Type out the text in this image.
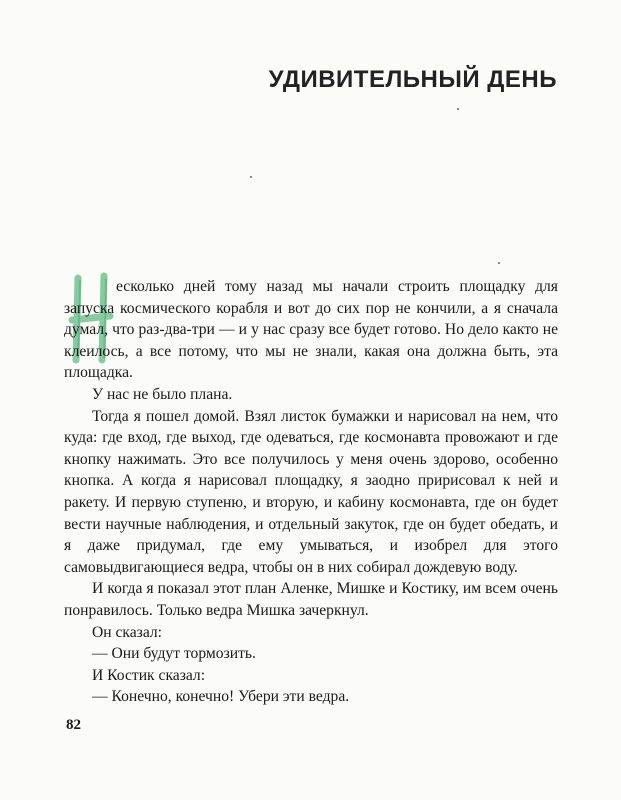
УДИВИТЕЛЬНЫЙ ДЕНЬ

есколько дней тому назад мы начали строить площадку для запуска космического корабля и вот до сих пор не кончили, а я сначала думал, что раз-два-три — и у нас сразу все будет готово. Но дело както не клеилось, а все потому, что мы не знали, какая она должна быть, эта площадка.

У нас не было плана.

Тогда я пошел домой. Взял листок бумажки и нарисовал на нем, что куда: где вход, где выход, где одеваться, где космонавта провожают и где кнопку нажимать. Это все получилось у меня очень здорово, особенно кнопка. А когда я нарисовал площадку, я заодно пририсовал к ней и ракету. И первую ступеню, и вторую, и кабину космонавта, где он будет вести научные наблюдения, и отдельный закуток, где он будет обедать, и я даже придумал, где ему умываться, и изобрел для этого самовыдвигающиеся ведра, чтобы он в них собирал дождевую воду.

И когда я показал этот план Аленке, Мишке и Костику, им всем очень понравилось. Только ведра Мишка зачеркнул.

Он сказал:

— Они будут тормозить.

И Костик сказал:

— Конечно, конечно! Убери эти ведра.

82
